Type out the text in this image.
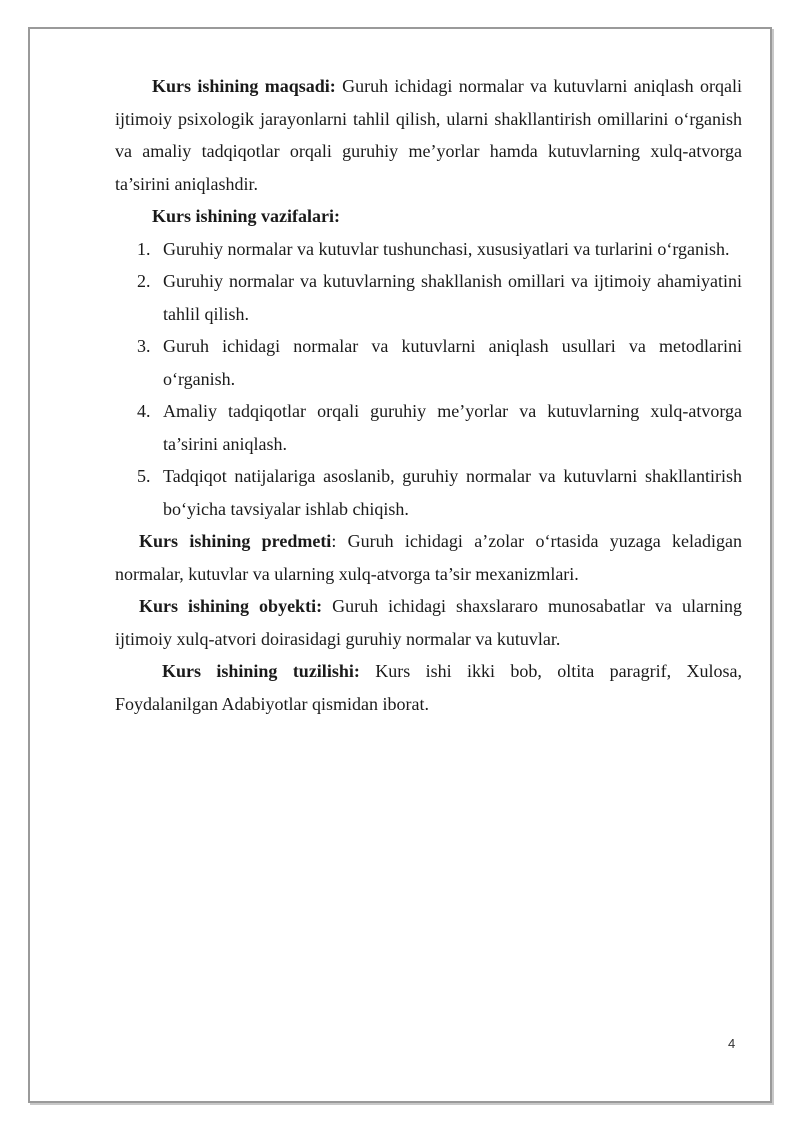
Kurs ishining maqsadi: Guruh ichidagi normalar va kutuvlarni aniqlash orqali ijtimoiy psixologik jarayonlarni tahlil qilish, ularni shakllantirish omillarini o‘rganish va amaliy tadqiqotlar orqali guruhiy me’yorlar hamda kutuvlarning xulq-atvorga ta’sirini aniqlashdir.

Kurs ishining vazifalari:

1. Guruhiy normalar va kutuvlar tushunchasi, xususiyatlari va turlarini o‘rganish.
2. Guruhiy normalar va kutuvlarning shakllanish omillari va ijtimoiy ahamiyatini tahlil qilish.
3. Guruh ichidagi normalar va kutuvlarni aniqlash usullari va metodlarini o‘rganish.
4. Amaliy tadqiqotlar orqali guruhiy me’yorlar va kutuvlarning xulq-atvorga ta’sirini aniqlash.
5. Tadqiqot natijalariga asoslanib, guruhiy normalar va kutuvlarni shakllantirish bo‘yicha tavsiyalar ishlab chiqish.

Kurs ishining predmeti: Guruh ichidagi a’zolar o‘rtasida yuzaga keladigan normalar, kutuvlar va ularning xulq-atvorga ta’sir mexanizmlari.

Kurs ishining obyekti: Guruh ichidagi shaxslararo munosabatlar va ularning ijtimoiy xulq-atvori doirasidagi guruhiy normalar va kutuvlar.

Kurs ishining tuzilishi: Kurs ishi ikki bob, oltita paragrif, Xulosa, Foydalanilgan Adabiyotlar qismidan iborat.

4
